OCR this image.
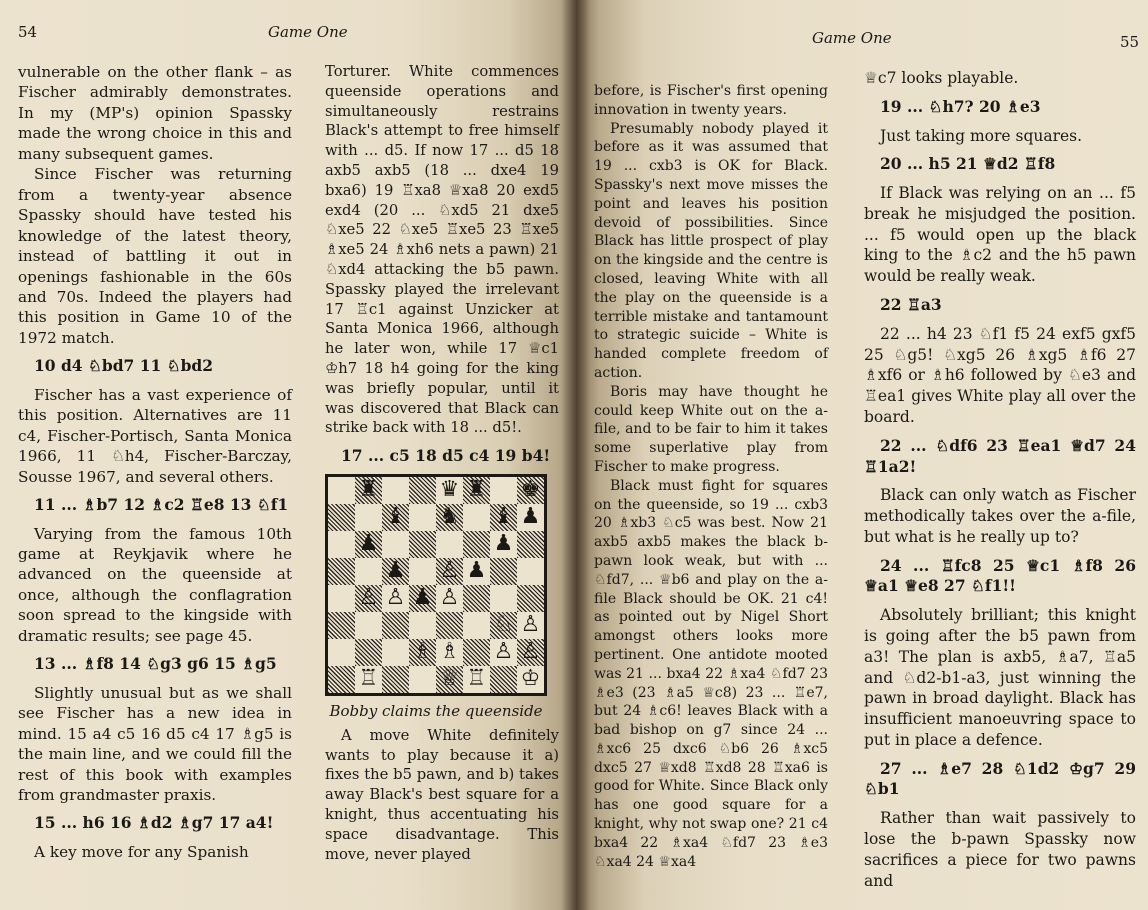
54	Game One

vulnerable on the other flank – as Fischer admirably demonstrates. In my (MP's) opinion Spassky made the wrong choice in this and many subsequent games.

Since Fischer was returning from a twenty-year absence Spassky should have tested his knowledge of the latest theory, instead of battling it out in openings fashionable in the 60s and 70s. Indeed the players had this position in Game 10 of the 1972 match.

10 d4 ♘bd7 11 ♘bd2

Fischer has a vast experience of this position. Alternatives are 11 c4, Fischer-Portisch, Santa Monica 1966, 11 ♘h4, Fischer-Barczay, Sousse 1967, and several others.

11 ... ♗b7 12 ♗c2 ♖e8 13 ♘f1

Varying from the famous 10th game at Reykjavik where he advanced on the queenside at once, although the conflagration soon spread to the kingside with dramatic results; see page 45.

13 ... ♗f8 14 ♘g3 g6 15 ♗g5

Slightly unusual but as we shall see Fischer has a new idea in mind. 15 a4 c5 16 d5 c4 17 ♗g5 is the main line, and we could fill the rest of this book with examples from grandmaster praxis.

15 ... h6 16 ♗d2 ♗g7 17 a4!

A key move for any Spanish

Torturer. White commences queenside operations and simultaneously restrains Black's attempt to free himself with ... d5. If now 17 ... d5 18 axb5 axb5 (18 ... dxe4 19 bxa6) 19 ♖xa8 ♕xa8 20 exd5 exd4 (20 ... ♘xd5 21 dxe5 ♘xe5 22 ♘xe5 ♖xe5 23 ♖xe5 ♗xe5 24 ♗xh6 nets a pawn) 21 ♘xd4 attacking the b5 pawn. Spassky played the irrelevant 17 ♖c1 against Unzicker at Santa Monica 1966, although he later won, while 17 ♕c1 ♔h7 18 h4 going for the king was briefly popular, until it was discovered that Black can strike back with 18 ... d5!.

17 ... c5 18 d5 c4 19 b4!

♜	♛ ♜ ♚
♝ ♞ ♝ ♟
♟	♟
♟ ♙ ♟
♙ ♙ ♟ ♙
♘ ♙
♗ ♗ ♙ ♙
♖	♕ ♖ ♔
Bobby claims the queenside

A move White definitely wants to play because it a) fixes the b5 pawn, and b) takes away Black's best square for a knight, thus accentuating his space disadvantage. This move, never played

Game One	55

before, is Fischer's first opening innovation in twenty years.

Presumably nobody played it before as it was assumed that 19 ... cxb3 is OK for Black. Spassky's next move misses the point and leaves his position devoid of possibilities. Since Black has little prospect of play on the kingside and the centre is closed, leaving White with all the play on the queenside is a terrible mistake and tantamount to strategic suicide – White is handed complete freedom of action.

Boris may have thought he could keep White out on the a-file, and to be fair to him it takes some superlative play from Fischer to make progress.

Black must fight for squares on the queenside, so 19 ... cxb3 20 ♗xb3 ♘c5 was best. Now 21 axb5 axb5 makes the black b-pawn look weak, but with ... ♘fd7, ... ♕b6 and play on the a-file Black should be OK. 21 c4! as pointed out by Nigel Short amongst others looks more pertinent. One antidote mooted was 21 ... bxa4 22 ♗xa4 ♘fd7 23 ♗e3 (23 ♗a5 ♕c8) 23 ... ♖e7, but 24 ♗c6! leaves Black with a bad bishop on g7 since 24 ... ♗xc6 25 dxc6 ♘b6 26 ♗xc5 dxc5 27 ♕xd8 ♖xd8 28 ♖xa6 is good for White. Since Black only has one good square for a knight, why not swap one? 21 c4 bxa4 22 ♗xa4 ♘fd7 23 ♗e3 ♘xa4 24 ♕xa4

♕c7 looks playable.

19 ... ♘h7? 20 ♗e3

Just taking more squares.

20 ... h5 21 ♕d2 ♖f8

If Black was relying on an ... f5 break he misjudged the position. ... f5 would open up the black king to the ♗c2 and the h5 pawn would be really weak.

22 ♖a3

22 ... h4 23 ♘f1 f5 24 exf5 gxf5 25 ♘g5! ♘xg5 26 ♗xg5 ♗f6 27 ♗xf6 or ♗h6 followed by ♘e3 and ♖ea1 gives White play all over the board.

22 ... ♘df6 23 ♖ea1 ♕d7 24 ♖1a2!

Black can only watch as Fischer methodically takes over the a-file, but what is he really up to?

24 ... ♖fc8 25 ♕c1 ♗f8 26 ♕a1 ♕e8 27 ♘f1!!

Absolutely brilliant; this knight is going after the b5 pawn from a3! The plan is axb5, ♗a7, ♖a5 and ♘d2-b1-a3, just winning the pawn in broad daylight. Black has insufficient manoeuvring space to put in place a defence.

27 ... ♗e7 28 ♘1d2 ♔g7 29 ♘b1

Rather than wait passively to lose the b-pawn Spassky now sacrifices a piece for two pawns and
